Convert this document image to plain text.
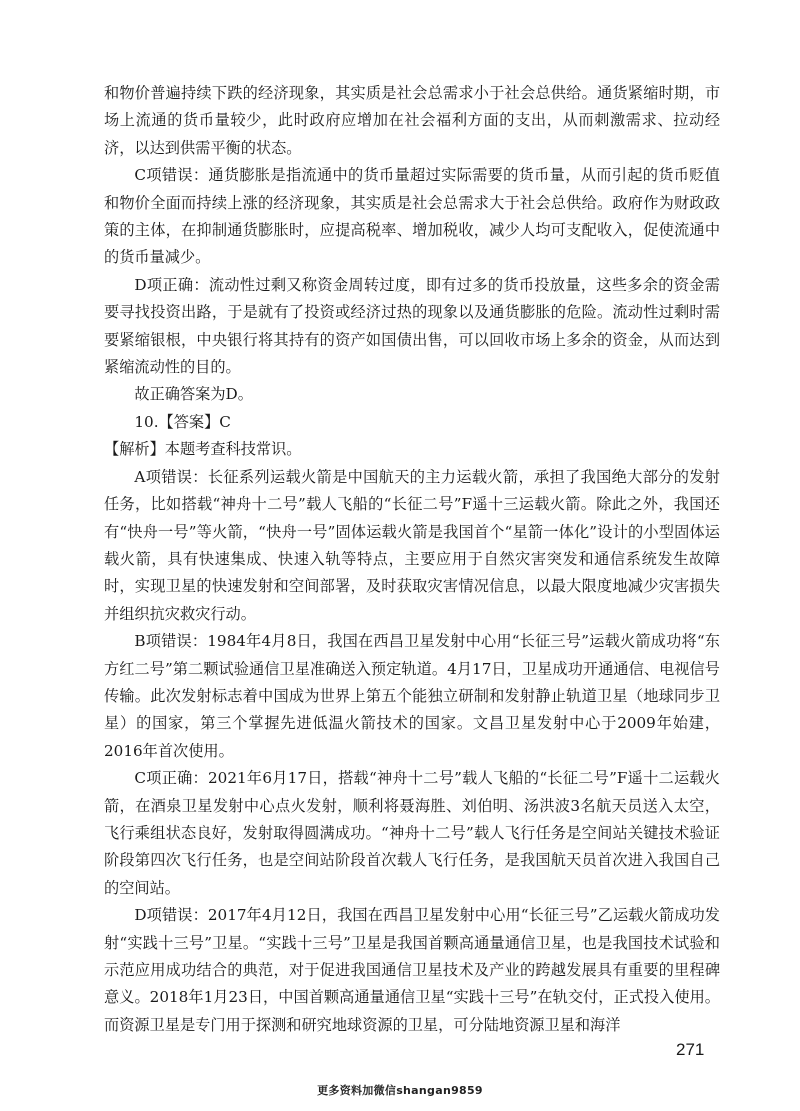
和物价普遍持续下跌的经济现象，其实质是社会总需求小于社会总供给。通货紧缩时期，市场上流通的货币量较少，此时政府应增加在社会福利方面的支出，从而刺激需求、拉动经济，以达到供需平衡的状态。

C项错误：通货膨胀是指流通中的货币量超过实际需要的货币量，从而引起的货币贬值和物价全面而持续上涨的经济现象，其实质是社会总需求大于社会总供给。政府作为财政政策的主体，在抑制通货膨胀时，应提高税率、增加税收，减少人均可支配收入，促使流通中的货币量减少。

D项正确：流动性过剩又称资金周转过度，即有过多的货币投放量，这些多余的资金需要寻找投资出路，于是就有了投资或经济过热的现象以及通货膨胀的危险。流动性过剩时需要紧缩银根，中央银行将其持有的资产如国债出售，可以回收市场上多余的资金，从而达到紧缩流动性的目的。

故正确答案为D。

10.【答案】C

【解析】本题考查科技常识。

A项错误：长征系列运载火箭是中国航天的主力运载火箭，承担了我国绝大部分的发射任务，比如搭载“神舟十二号”载人飞船的“长征二号”F遥十三运载火箭。除此之外，我国还有“快舟一号”等火箭，“快舟一号”固体运载火箭是我国首个“星箭一体化”设计的小型固体运载火箭，具有快速集成、快速入轨等特点，主要应用于自然灾害突发和通信系统发生故障时，实现卫星的快速发射和空间部署，及时获取灾害情况信息，以最大限度地减少灾害损失并组织抗灾救灾行动。

B项错误：1984年4月8日，我国在西昌卫星发射中心用“长征三号”运载火箭成功将“东方红二号”第二颗试验通信卫星准确送入预定轨道。4月17日，卫星成功开通通信、电视信号传输。此次发射标志着中国成为世界上第五个能独立研制和发射静止轨道卫星（地球同步卫星）的国家，第三个掌握先进低温火箭技术的国家。文昌卫星发射中心于2009年始建，2016年首次使用。

C项正确：2021年6月17日，搭载“神舟十二号”载人飞船的“长征二号”F遥十二运载火箭，在酒泉卫星发射中心点火发射，顺利将聂海胜、刘伯明、汤洪波3名航天员送入太空，飞行乘组状态良好，发射取得圆满成功。“神舟十二号”载人飞行任务是空间站关键技术验证阶段第四次飞行任务，也是空间站阶段首次载人飞行任务，是我国航天员首次进入我国自己的空间站。

D项错误：2017年4月12日，我国在西昌卫星发射中心用“长征三号”乙运载火箭成功发射“实践十三号”卫星。“实践十三号”卫星是我国首颗高通量通信卫星，也是我国技术试验和示范应用成功结合的典范，对于促进我国通信卫星技术及产业的跨越发展具有重要的里程碑意义。2018年1月23日，中国首颗高通量通信卫星“实践十三号”在轨交付，正式投入使用。而资源卫星是专门用于探测和研究地球资源的卫星，可分陆地资源卫星和海洋

271
更多资料加微信shangan9859
